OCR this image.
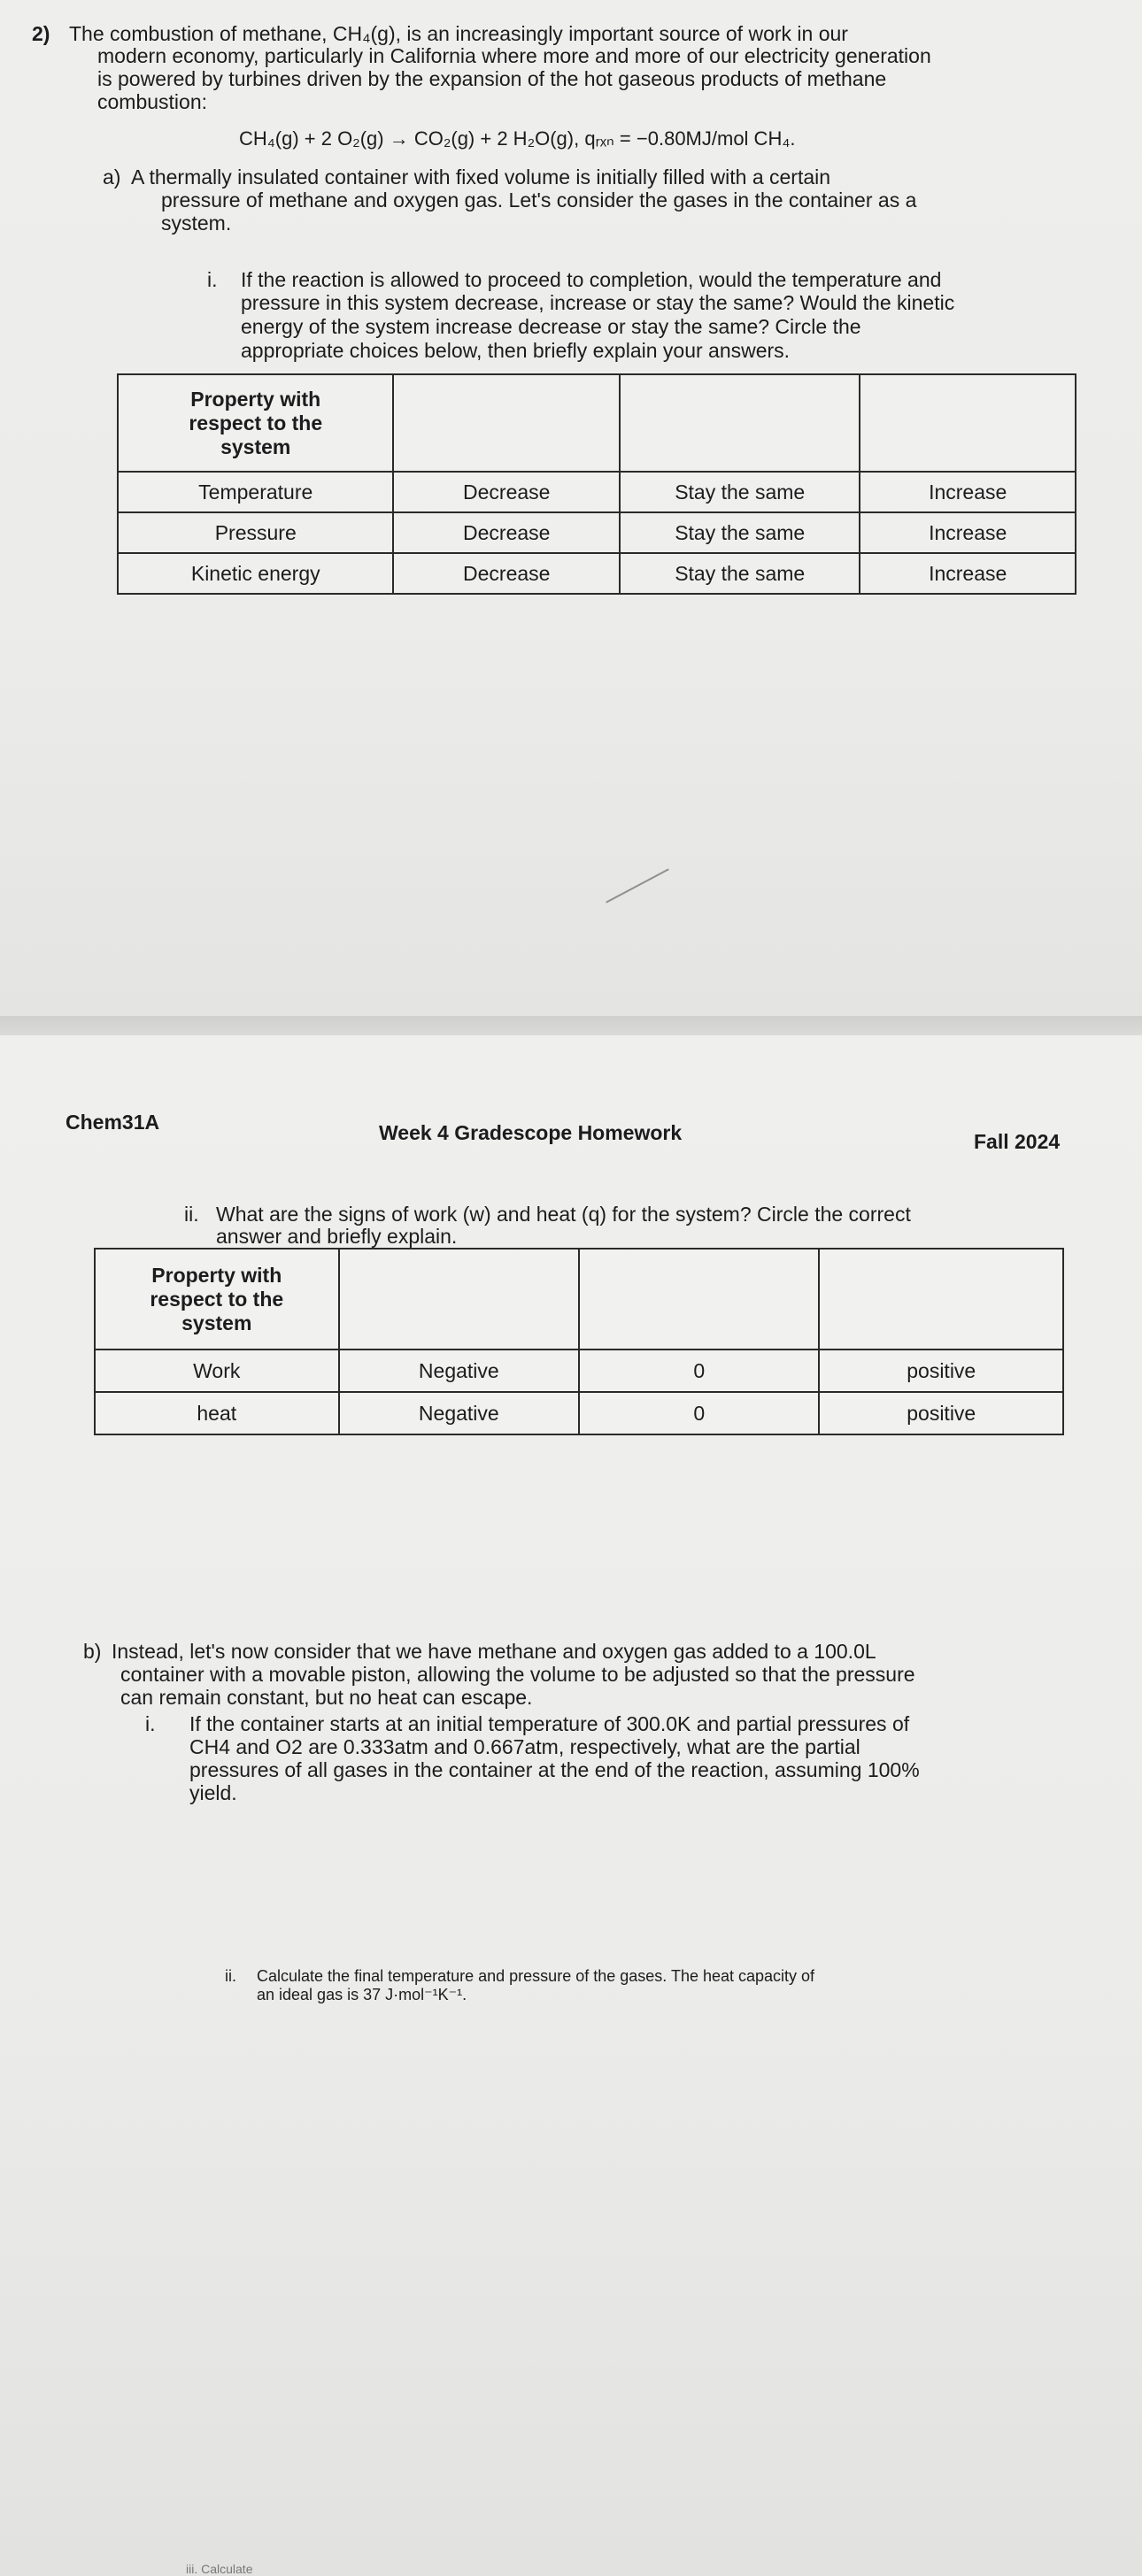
2) The combustion of methane, CH₄(g), is an increasingly important source of work in our

modern economy, particularly in California where more and more of our electricity generation

is powered by turbines driven by the expansion of the hot gaseous products of methane

combustion:

CH₄(g) + 2 O₂(g) → CO₂(g) + 2 H₂O(g), qᵣₓₙ = −0.80MJ/mol CH₄.

a) A thermally insulated container with fixed volume is initially filled with a certain

pressure of methane and oxygen gas. Let's consider the gases in the container as a

system.

i. If the reaction is allowed to proceed to completion, would the temperature and

pressure in this system decrease, increase or stay the same? Would the kinetic

energy of the system increase decrease or stay the same? Circle the

appropriate choices below, then briefly explain your answers.

Property with
respect to the
system			

Temperature	Decrease	Stay the same	Increase
Pressure	Decrease	Stay the same	Increase
Kinetic energy	Decrease	Stay the same	Increase

Chem31A	Week 4 Gradescope Homework	Fall 2024

ii. What are the signs of work (w) and heat (q) for the system? Circle the correct

answer and briefly explain.

Property with
respect to the
system			

Work	Negative	0	positive
heat	Negative	0	positive

b) Instead, let's now consider that we have methane and oxygen gas added to a 100.0L

container with a movable piston, allowing the volume to be adjusted so that the pressure

can remain constant, but no heat can escape.

i. If the container starts at an initial temperature of 300.0K and partial pressures of

CH4 and O2 are 0.333atm and 0.667atm, respectively, what are the partial

pressures of all gases in the container at the end of the reaction, assuming 100%

yield.

ii. Calculate the final temperature and pressure of the gases. The heat capacity of

an ideal gas is 37 J·mol⁻¹K⁻¹.

iii. Calculate
